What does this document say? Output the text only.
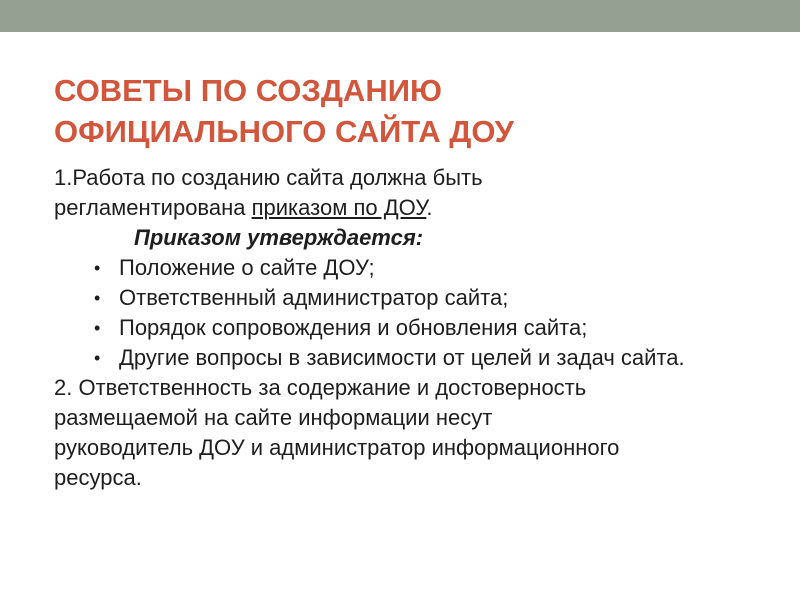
СОВЕТЫ ПО СОЗДАНИЮ
ОФИЦИАЛЬНОГО САЙТА ДОУ
1.Работа по созданию сайта должна быть
регламентирована приказом по ДОУ.
Приказом утверждается:
• Положение о сайте ДОУ;
• Ответственный администратор сайта;
• Порядок сопровождения и обновления сайта;
• Другие вопросы в зависимости от целей и задач сайта.
2. Ответственность за содержание и достоверность
размещаемой на сайте информации несут
руководитель ДОУ и администратор информационного
ресурса.
